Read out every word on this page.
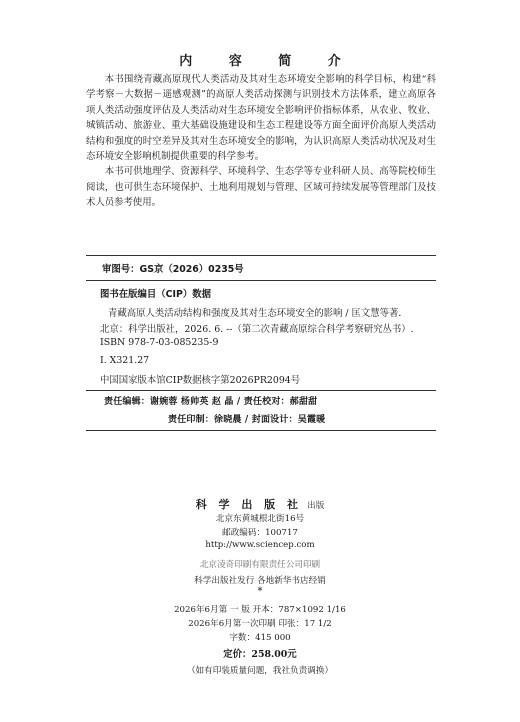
内 容 简 介

本书围绕青藏高原现代人类活动及其对生态环境安全影响的科学目标，构建“科学考察－大数据－遥感观测”的高原人类活动探测与识别技术方法体系，建立高原各项人类活动强度评估及人类活动对生态环境安全影响评价指标体系，从农业、牧业、城镇活动、旅游业、重大基础设施建设和生态工程建设等方面全面评价高原人类活动结构和强度的时空差异及其对生态环境安全的影响，为认识高原人类活动状况及对生态环境安全影响机制提供重要的科学参考。

本书可供地理学、资源科学、环境科学、生态学等专业科研人员、高等院校师生阅读，也可供生态环境保护、土地利用规划与管理、区域可持续发展等管理部门及技术人员参考使用。

审图号：GS京（2026）0235号
图书在版编目（CIP）数据
青藏高原人类活动结构和强度及其对生态环境安全的影响 / 匡文慧等著．
北京：科学出版社，2026. 6. --（第二次青藏高原综合科学考察研究丛书）.
ISBN 978-7-03-085235-9
Ⅰ. X321.27
中国国家版本馆CIP数据核字第2026PR2094号
责任编辑：谢婉蓉 杨帅英 赵 晶 / 责任校对：郝甜甜
责任印制：徐晓晨 / 封面设计：吴霞暖
科 学 出 版 社 出版
北京东黄城根北街16号
邮政编码：100717
http://www.sciencep.com
北京凌奇印刷有限责任公司印刷
科学出版社发行 各地新华书店经销
*
2026年6月第 一 版 开本：787×1092 1/16
2026年6月第一次印刷 印张：17 1/2
字数：415 000
定价：258.00元
（如有印装质量问题，我社负责调换）
